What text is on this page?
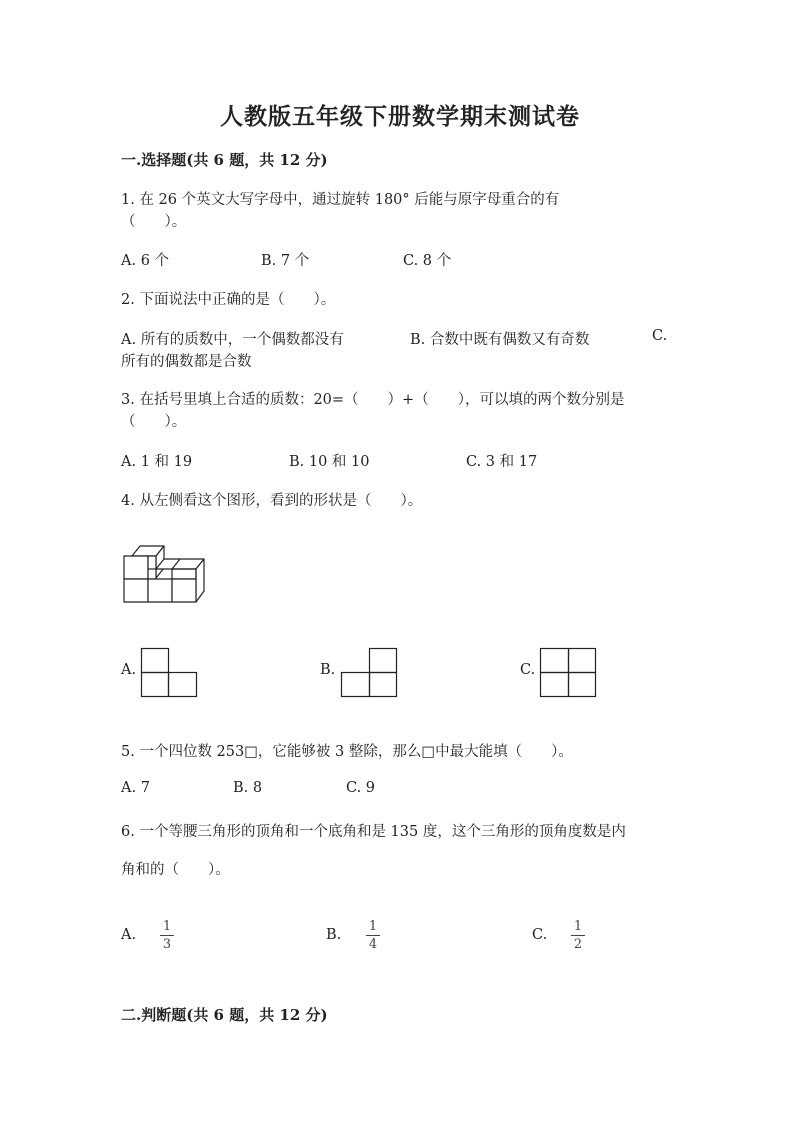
人教版五年级下册数学期末测试卷
一.选择题(共 6 题，共 12 分)
1. 在 26 个英文大写字母中，通过旋转 180° 后能与原字母重合的有
（　　）。
A. 6 个	B. 7 个	C. 8 个
2. 下面说法中正确的是（　　）。
A. 所有的质数中，一个偶数都没有	B. 合数中既有偶数又有奇数	C.
所有的偶数都是合数
3. 在括号里填上合适的质数：20=（　　）+（　　），可以填的两个数分别是
（　　）。
A. 1 和 19	B. 10 和 10	C. 3 和 17
4. 从左侧看这个图形，看到的形状是（　　）。
A.	B.	C.
5. 一个四位数 253□，它能够被 3 整除，那么□中最大能填（　　）。
A. 7	B. 8	C. 9
6. 一个等腰三角形的顶角和一个底角和是 135 度，这个三角形的顶角度数是内
角和的（　　）。
A.
1
3
B.
1
4
C.
1
2
二.判断题(共 6 题，共 12 分)
